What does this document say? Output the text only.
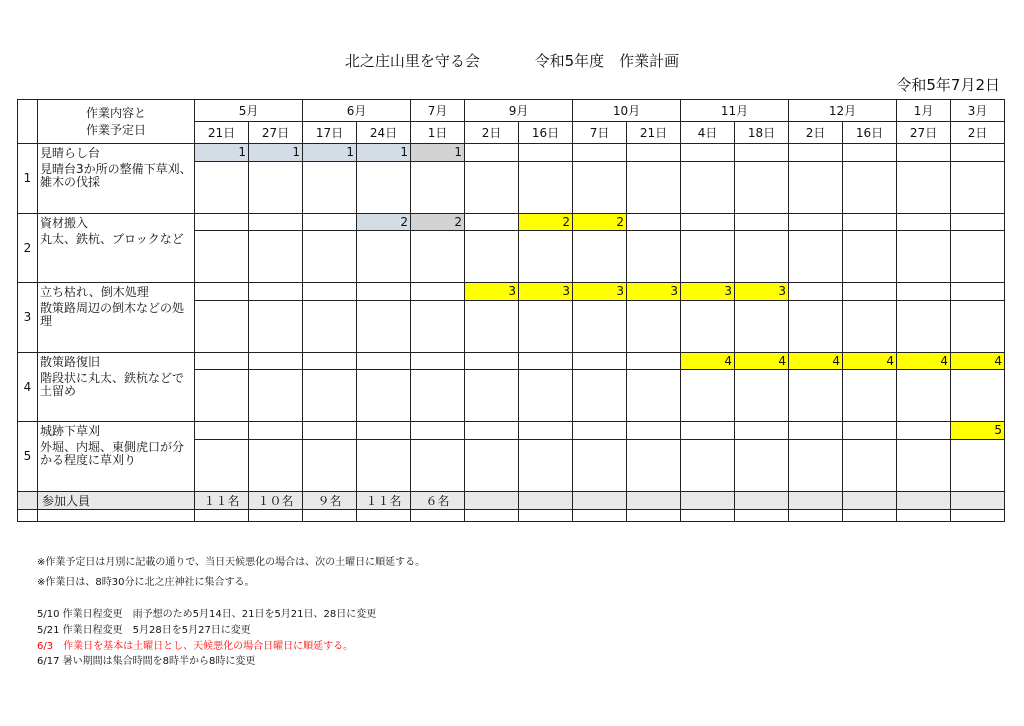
北之庄山里を守る会	令和5年度　作業計画
令和5年7月2日

	作業内容と
作業予定日	5月		6月		7月	9月		10月		11月		12月		1月	3月
		21日	27日	17日	24日	1日	2日	16日	7日	21日	4日	18日	2日	16日	27日	2日
1	見晴らし台	1	1	1	1	1										
	見晴台3か所の整備下草刈、雑木の伐採															
2	資材搬入				2	2		2	2							
	丸太、鉄杭、ブロックなど															
3	立ち枯れ、倒木処理						3	3	3	3	3	3				
	散策路周辺の倒木などの処理															
4	散策路復旧										4	4	4	4	4	4
	階段状に丸太、鉄杭などで土留め															
5	城跡下草刈															5
	外堀、内堀、東側虎口が分かる程度に草刈り															
	参加人員	１１名	１０名	９名	１１名	６名										

※作業予定日は月別に記載の通りで、当日天候悪化の場合は、次の土曜日に順延する。
※作業日は、8時30分に北之庄神社に集合する。
5/10 作業日程変更　雨予想のため5月14日、21日を5月21日、28日に変更
5/21 作業日程変更　5月28日を5月27日に変更
6/3　作業日を基本は土曜日とし、天候悪化の場合日曜日に順延する。
6/17 暑い期間は集合時間を8時半から8時に変更
